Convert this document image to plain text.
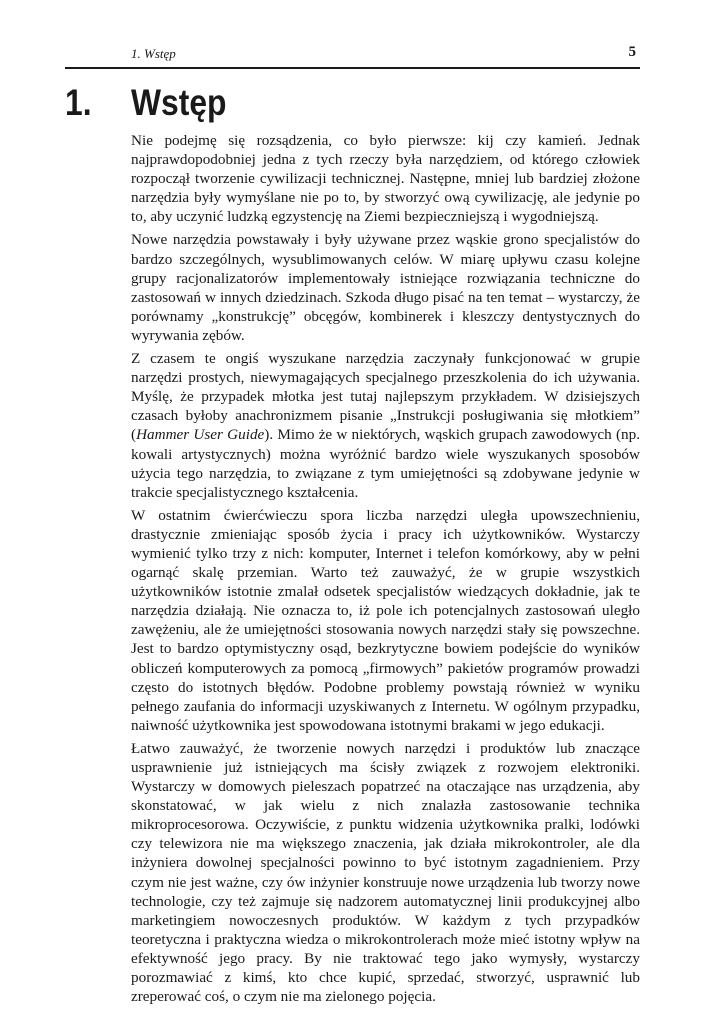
1. Wstęp	5
1. Wstęp

Nie podejmę się rozsądzenia, co było pierwsze: kij czy kamień. Jednak najprawdopodobniej jedna z tych rzeczy była narzędziem, od którego człowiek rozpoczął tworzenie cywilizacji technicznej. Następne, mniej lub bardziej złożone narzędzia były wymyślane nie po to, by stworzyć ową cywilizację, ale jedynie po to, aby uczynić ludzką egzystencję na Ziemi bezpieczniejszą i wygodniejszą.

Nowe narzędzia powstawały i były używane przez wąskie grono specjalistów do bardzo szczególnych, wysublimowanych celów. W miarę upływu czasu kolejne grupy racjonalizatorów implementowały istniejące rozwiązania techniczne do zastosowań w innych dziedzinach. Szkoda długo pisać na ten temat – wystarczy, że porównamy „konstrukcję” obcęgów, kombinerek i kleszczy dentystycznych do wyrywania zębów.

Z czasem te ongiś wyszukane narzędzia zaczynały funkcjonować w grupie narzędzi prostych, niewymagających specjalnego przeszkolenia do ich używania. Myślę, że przypadek młotka jest tutaj najlepszym przykładem. W dzisiejszych czasach byłoby anachronizmem pisanie „Instrukcji posługiwania się młotkiem” (Hammer User Guide). Mimo że w niektórych, wąskich grupach zawodowych (np. kowali artystycznych) można wyróżnić bardzo wiele wyszukanych sposobów użycia tego narzędzia, to związane z tym umiejętności są zdobywane jedynie w trakcie specjalistycznego kształcenia.

W ostatnim ćwierćwieczu spora liczba narzędzi uległa upowszechnieniu, drastycznie zmieniając sposób życia i pracy ich użytkowników. Wystarczy wymienić tylko trzy z nich: komputer, Internet i telefon komórkowy, aby w pełni ogarnąć skalę przemian. Warto też zauważyć, że w grupie wszystkich użytkowników istotnie zmalał odsetek specjalistów wiedzących dokładnie, jak te narzędzia działają. Nie oznacza to, iż pole ich potencjalnych zastosowań uległo zawężeniu, ale że umiejętności stosowania nowych narzędzi stały się powszechne. Jest to bardzo optymistyczny osąd, bezkrytyczne bowiem podejście do wyników obliczeń komputerowych za pomocą „firmowych” pakietów programów prowadzi często do istotnych błędów. Podobne problemy powstają również w wyniku pełnego zaufania do informacji uzyskiwanych z Internetu. W ogólnym przypadku, naiwność użytkownika jest spowodowana istotnymi brakami w jego edukacji.

Łatwo zauważyć, że tworzenie nowych narzędzi i produktów lub znaczące usprawnienie już istniejących ma ścisły związek z rozwojem elektroniki. Wystarczy w domowych pieleszach popatrzeć na otaczające nas urządzenia, aby skonstatować, w jak wielu z nich znalazła zastosowanie technika mikroprocesorowa. Oczywiście, z punktu widzenia użytkownika pralki, lodówki czy telewizora nie ma większego znaczenia, jak działa mikrokontroler, ale dla inżyniera dowolnej specjalności powinno to być istotnym zagadnieniem. Przy czym nie jest ważne, czy ów inżynier konstruuje nowe urządzenia lub tworzy nowe technologie, czy też zajmuje się nadzorem automatycznej linii produkcyjnej albo marketingiem nowoczesnych produktów. W każdym z tych przypadków teoretyczna i praktyczna wiedza o mikrokontrolerach może mieć istotny wpływ na efektywność jego pracy. By nie traktować tego jako wymysły, wystarczy porozmawiać z kimś, kto chce kupić, sprzedać, stworzyć, usprawnić lub zreperować coś, o czym nie ma zielonego pojęcia.
